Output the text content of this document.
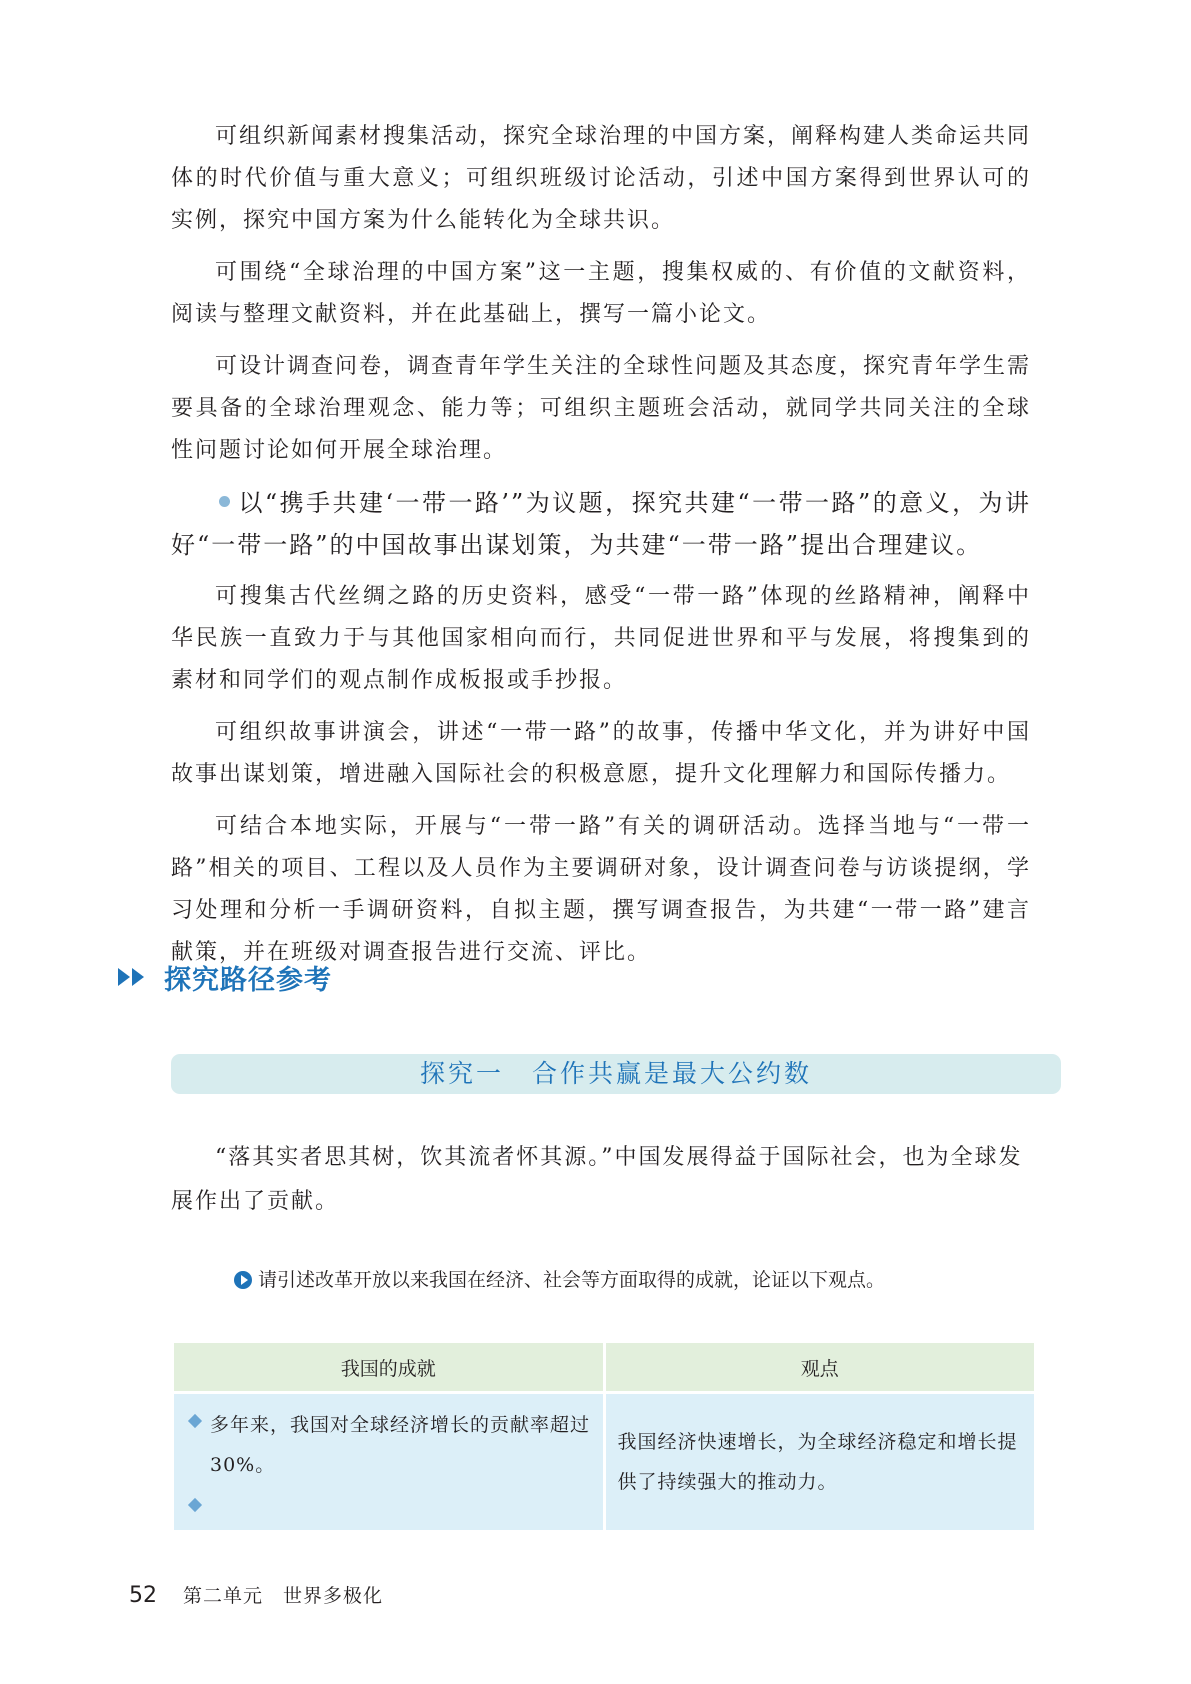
可组织新闻素材搜集活动，探究全球治理的中国方案，阐释构建人类命运共同体的时代价值与重大意义；可组织班级讨论活动，引述中国方案得到世界认可的实例，探究中国方案为什么能转化为全球共识。

可围绕“全球治理的中国方案”这一主题，搜集权威的、有价值的文献资料，阅读与整理文献资料，并在此基础上，撰写一篇小论文。

可设计调查问卷，调查青年学生关注的全球性问题及其态度，探究青年学生需要具备的全球治理观念、能力等；可组织主题班会活动，就同学共同关注的全球性问题讨论如何开展全球治理。

以“携手共建‘一带一路’”为议题，探究共建“一带一路”的意义，为讲好“一带一路”的中国故事出谋划策，为共建“一带一路”提出合理建议。

可搜集古代丝绸之路的历史资料，感受“一带一路”体现的丝路精神，阐释中华民族一直致力于与其他国家相向而行，共同促进世界和平与发展，将搜集到的素材和同学们的观点制作成板报或手抄报。

可组织故事讲演会，讲述“一带一路”的故事，传播中华文化，并为讲好中国故事出谋划策，增进融入国际社会的积极意愿，提升文化理解力和国际传播力。

可结合本地实际，开展与“一带一路”有关的调研活动。选择当地与“一带一路”相关的项目、工程以及人员作为主要调研对象，设计调查问卷与访谈提纲，学习处理和分析一手调研资料，自拟主题，撰写调查报告，为共建“一带一路”建言献策，并在班级对调查报告进行交流、评比。

探究路径参考
探究一　合作共赢是最大公约数

“落其实者思其树，饮其流者怀其源。”中国发展得益于国际社会，也为全球发展作出了贡献。

请引述改革开放以来我国在经济、社会等方面取得的成就，论证以下观点。
我国的成就	观点

多年来，我国对全球经济增长的贡献率超过30%。	我国经济快速增长，为全球经济稳定和增长提供了持续强大的推动力。
52 第二单元　世界多极化
